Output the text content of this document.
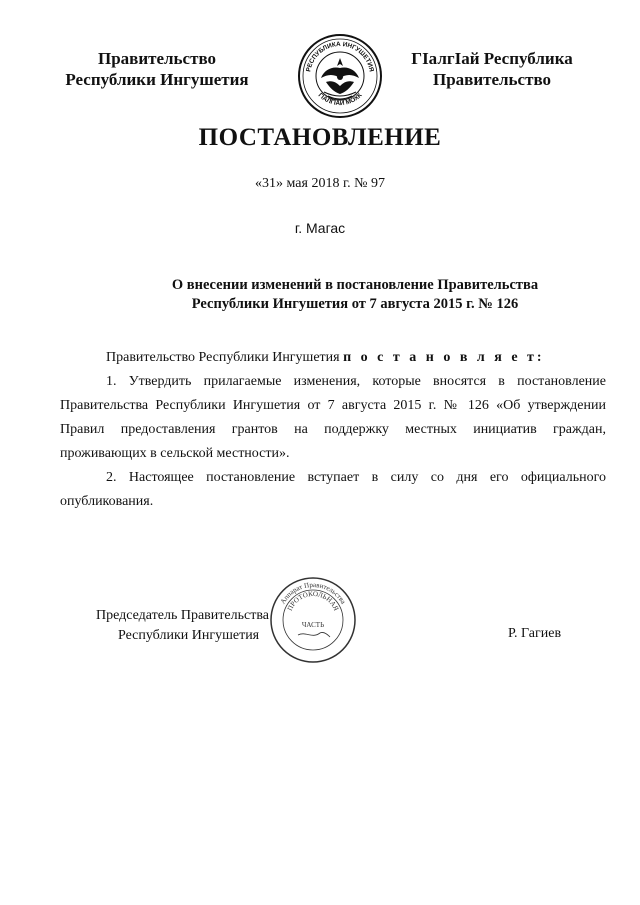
Правительство
Республики Ингушетия
РЕСПУБЛИКА ИНГУШЕТИЯ
ГIАЛГIАЙ МОХК
ГIалгIай Республика
Правительство
ПОСТАНОВЛЕНИЕ
«31» мая 2018 г. № 97
г. Магас
О внесении изменений в постановление Правительства
Республики Ингушетия от 7 августа 2015 г. № 126

Правительство Республики Ингушетия п о с т а н о в л я е т:

1. Утвердить прилагаемые изменения, которые вносятся в постановление Правительства Республики Ингушетия от 7 августа 2015 г. № 126 «Об утверждении Правил предоставления грантов на поддержку местных инициатив граждан, проживающих в сельской местности».

2. Настоящее постановление вступает в силу со дня его официального опубликования.

Председатель Правительства
Республики Ингушетия
Аппарат Правительства
ПРОТОКОЛЬНАЯ
ЧАСТЬ
Р. Гагиев
